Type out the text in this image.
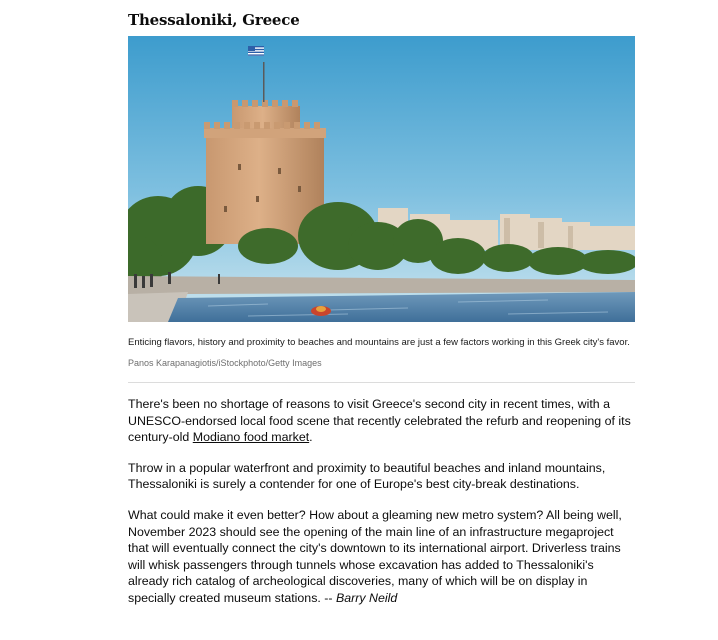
Thessaloniki, Greece
Enticing flavors, history and proximity to beaches and mountains are just a few factors working in this Greek city's favor.
Panos Karapanagiotis/iStockphoto/Getty Images

There's been no shortage of reasons to visit Greece's second city in recent times, with a UNESCO-endorsed local food scene that recently celebrated the refurb and reopening of its century-old Modiano food market.

Throw in a popular waterfront and proximity to beautiful beaches and inland mountains, Thessaloniki is surely a contender for one of Europe's best city-break destinations.

What could make it even better? How about a gleaming new metro system? All being well, November 2023 should see the opening of the main line of an infrastructure megaproject that will eventually connect the city's downtown to its international airport. Driverless trains will whisk passengers through tunnels whose excavation has added to Thessaloniki's already rich catalog of archeological discoveries, many of which will be on display in specially created museum stations. -- Barry Neild
